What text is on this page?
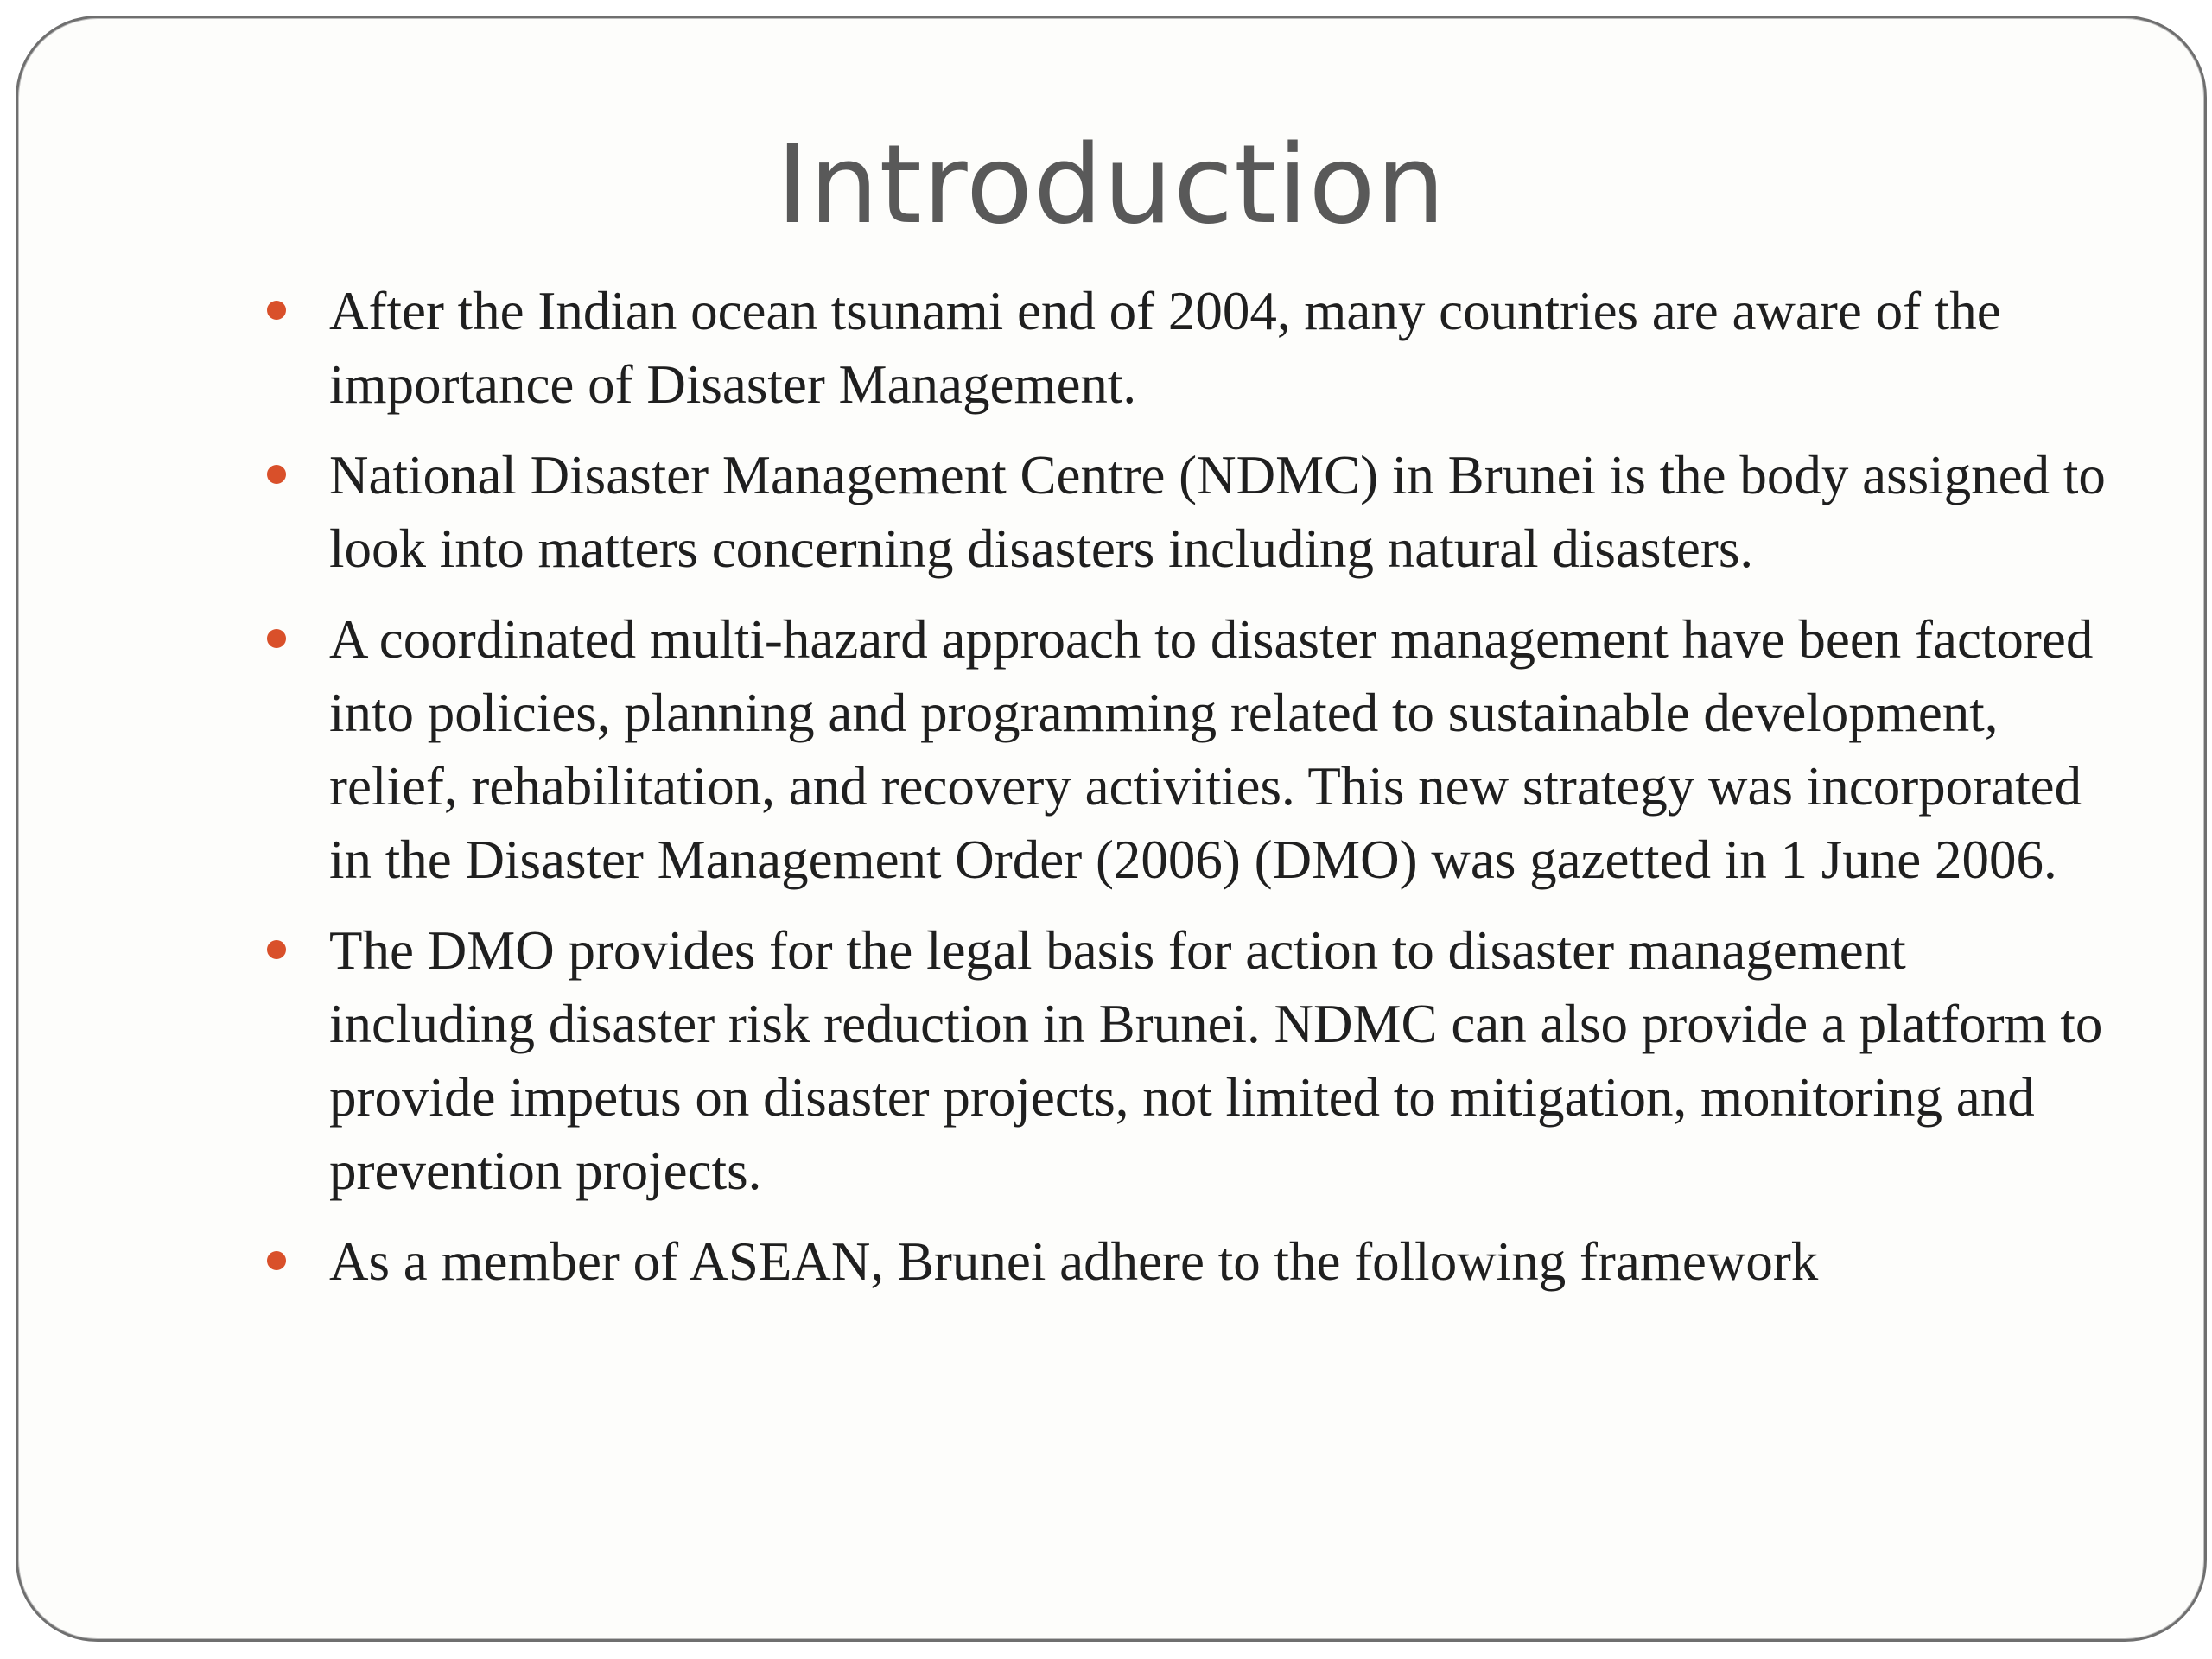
Introduction
After the Indian ocean tsunami end of 2004, many countries are aware of the importance of Disaster Management.
National Disaster Management Centre (NDMC) in Brunei is the body assigned to look into matters concerning disasters including natural disasters.
A coordinated multi-hazard approach to disaster management have been factored into policies, planning and programming related to sustainable development, relief, rehabilitation, and recovery activities. This new strategy was incorporated in the Disaster Management Order (2006) (DMO) was gazetted in 1 June 2006.
The DMO provides for the legal basis for action to disaster management including disaster risk reduction in Brunei. NDMC can also provide a platform to provide impetus on disaster projects, not limited to mitigation, monitoring and prevention projects.
As a member of ASEAN, Brunei adhere to the following framework
